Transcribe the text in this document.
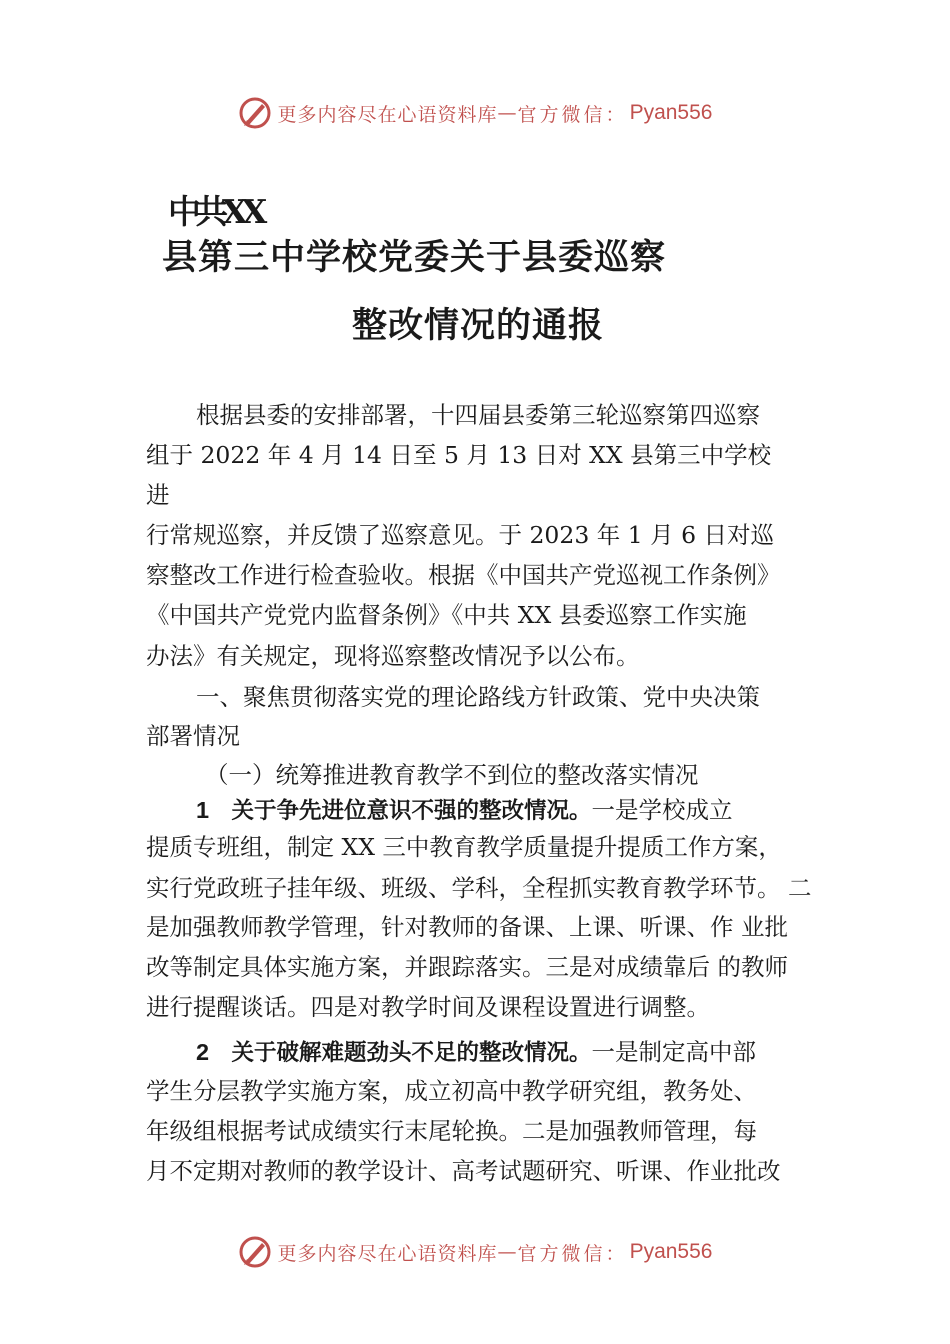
更多内容尽在心语资料库 — 官方微信： Pyan556
中共XX
县第三中学校党委关于县委巡察
整改情况的通报
根据县委的安排部署，十四届县委第三轮巡察第四巡察
组于 2022 年 4 月 14 日至 5 月 13 日对 XX 县第三中学校
进
行常规巡察，并反馈了巡察意见。于 2023 年 1 月 6 日对巡
察整改工作进行检查验收。根据《中国共产党巡视工作条例》
《中国共产党党内监督条例》《中共 XX 县委巡察工作实施
办法》有关规定，现将巡察整改情况予以公布。
一、聚焦贯彻落实党的理论路线方针政策、党中央决策
部署情况
（一）统筹推进教育教学不到位的整改落实情况
1 关于争先进位意识不强的整改情况。一是学校成立
提质专班组，制定 XX 三中教育教学质量提升提质工作方案，
实行党政班子挂年级、班级、学科，全程抓实教育教学环节。 二
是加强教师教学管理，针对教师的备课、上课、听课、作 业批
改等制定具体实施方案，并跟踪落实。三是对成绩靠后 的教师
进行提醒谈话。四是对教学时间及课程设置进行调整。
2 关于破解难题劲头不足的整改情况。一是制定高中部
学生分层教学实施方案，成立初高中教学研究组，教务处、
年级组根据考试成绩实行末尾轮换。二是加强教师管理，每
月不定期对教师的教学设计、高考试题研究、听课、作业批改
更多内容尽在心语资料库 — 官方微信： Pyan556
